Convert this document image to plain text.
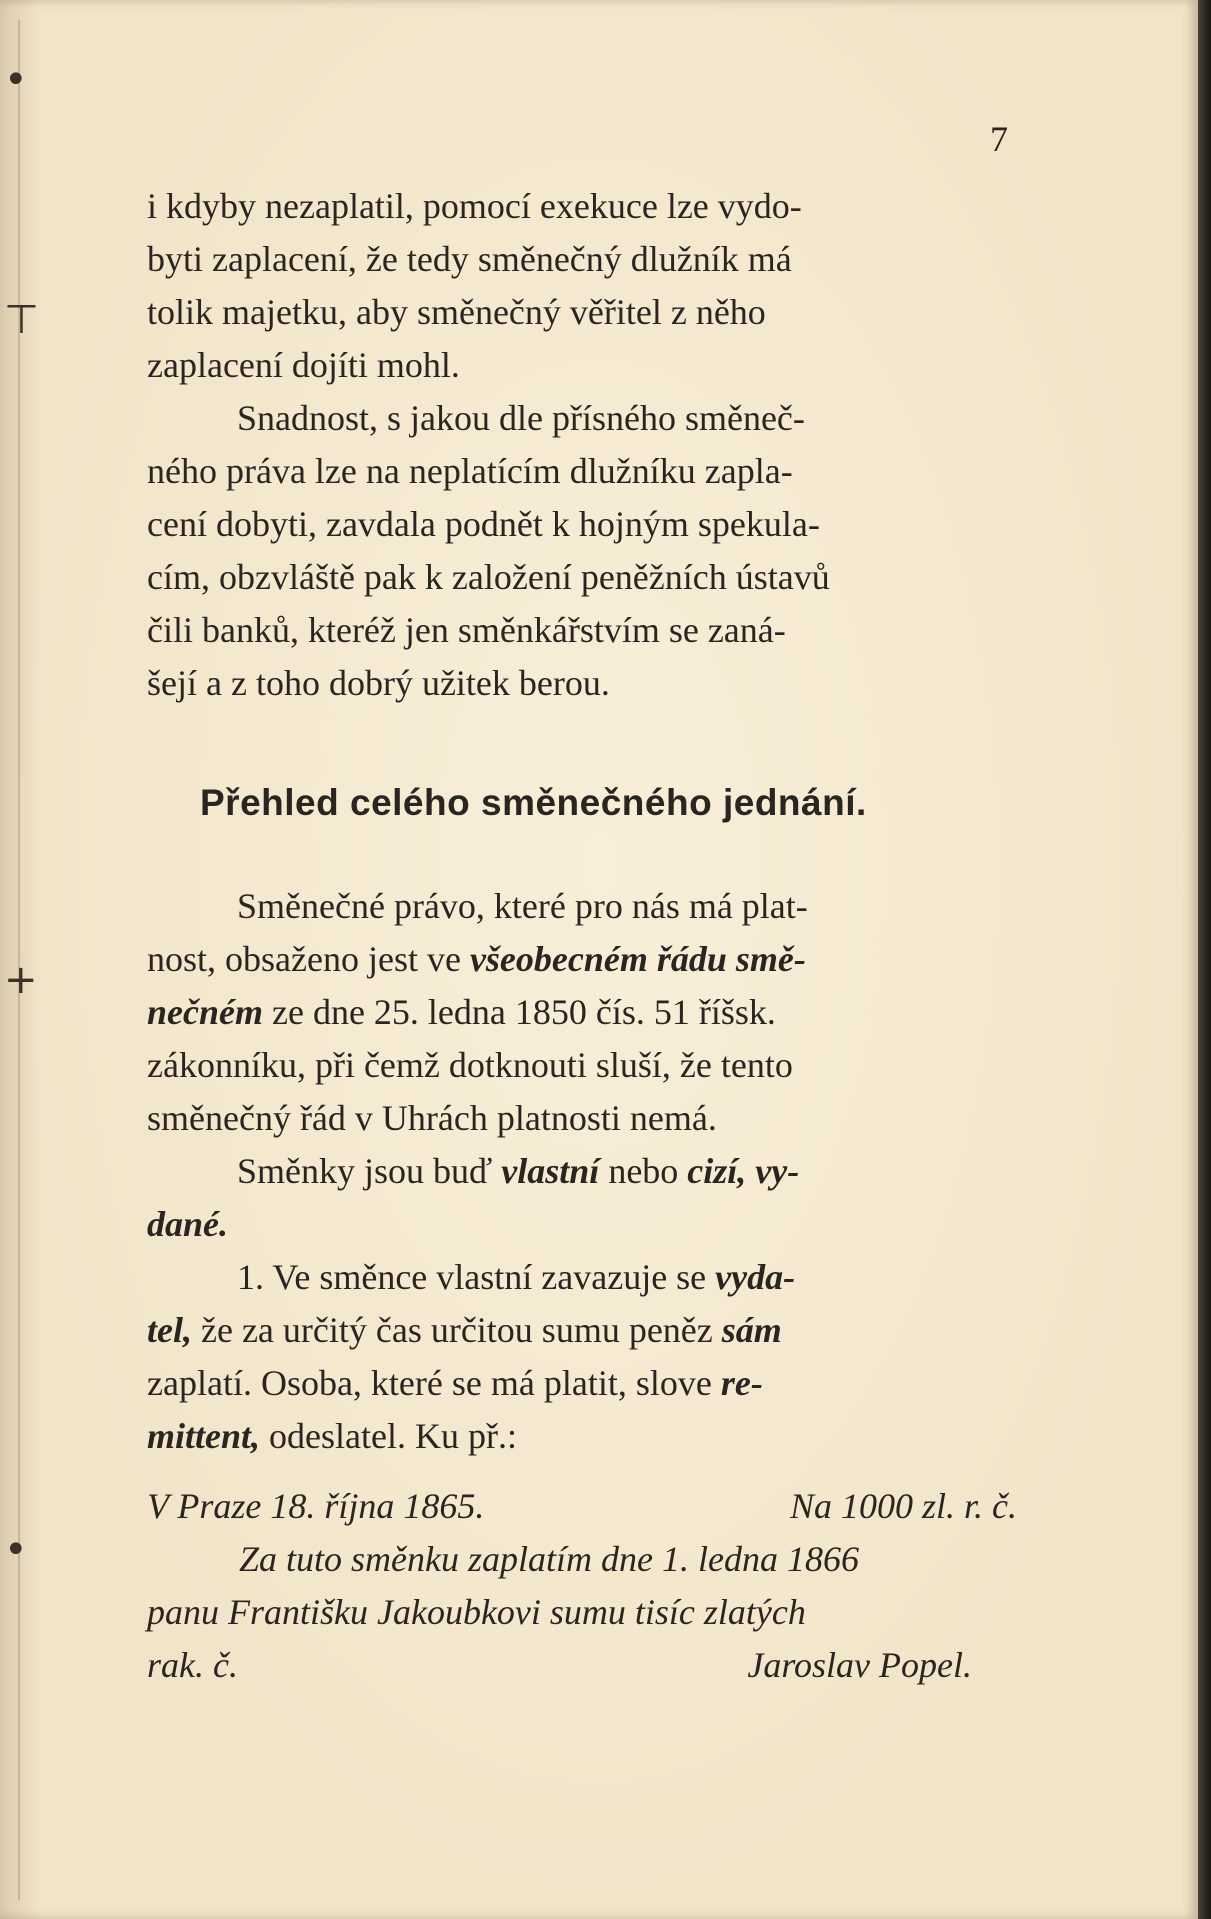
•
⊤
+
•
7

i kdyby nezaplatil, pomocí exekuce lze vydo-

byti zaplacení, že tedy směnečný dlužník má

tolik majetku, aby směnečný věřitel z něho

zaplacení dojíti mohl.

Snadnost, s jakou dle přísného směneč-

ného práva lze na neplatícím dlužníku zapla-

cení dobyti, zavdala podnět k hojným spekula-

cím, obzvláště pak k založení peněžních ústavů

čili banků, kteréž jen směnkářstvím se zaná-

šejí a z toho dobrý užitek berou.

Přehled celého směnečného jednání.

Směnečné právo, které pro nás má plat-

nost, obsaženo jest ve všeobecném řádu smě-

nečném ze dne 25. ledna 1850 čís. 51 říšsk.

zákonníku, při čemž dotknouti sluší, že tento

směnečný řád v Uhrách platnosti nemá.

Směnky jsou buď vlastní nebo cizí, vy-

dané.

1. Ve směnce vlastní zavazuje se vyda-

tel, že za určitý čas určitou sumu peněz sám

zaplatí. Osoba, které se má platit, slove re-

mittent, odeslatel. Ku př.:

V Praze 18. října 1865.	Na 1000 zl. r. č.
Za tuto směnku zaplatím dne 1. ledna 1866
panu Františku Jakoubkovi sumu tisíc zlatých
rak. č.	Jaroslav Popel.
